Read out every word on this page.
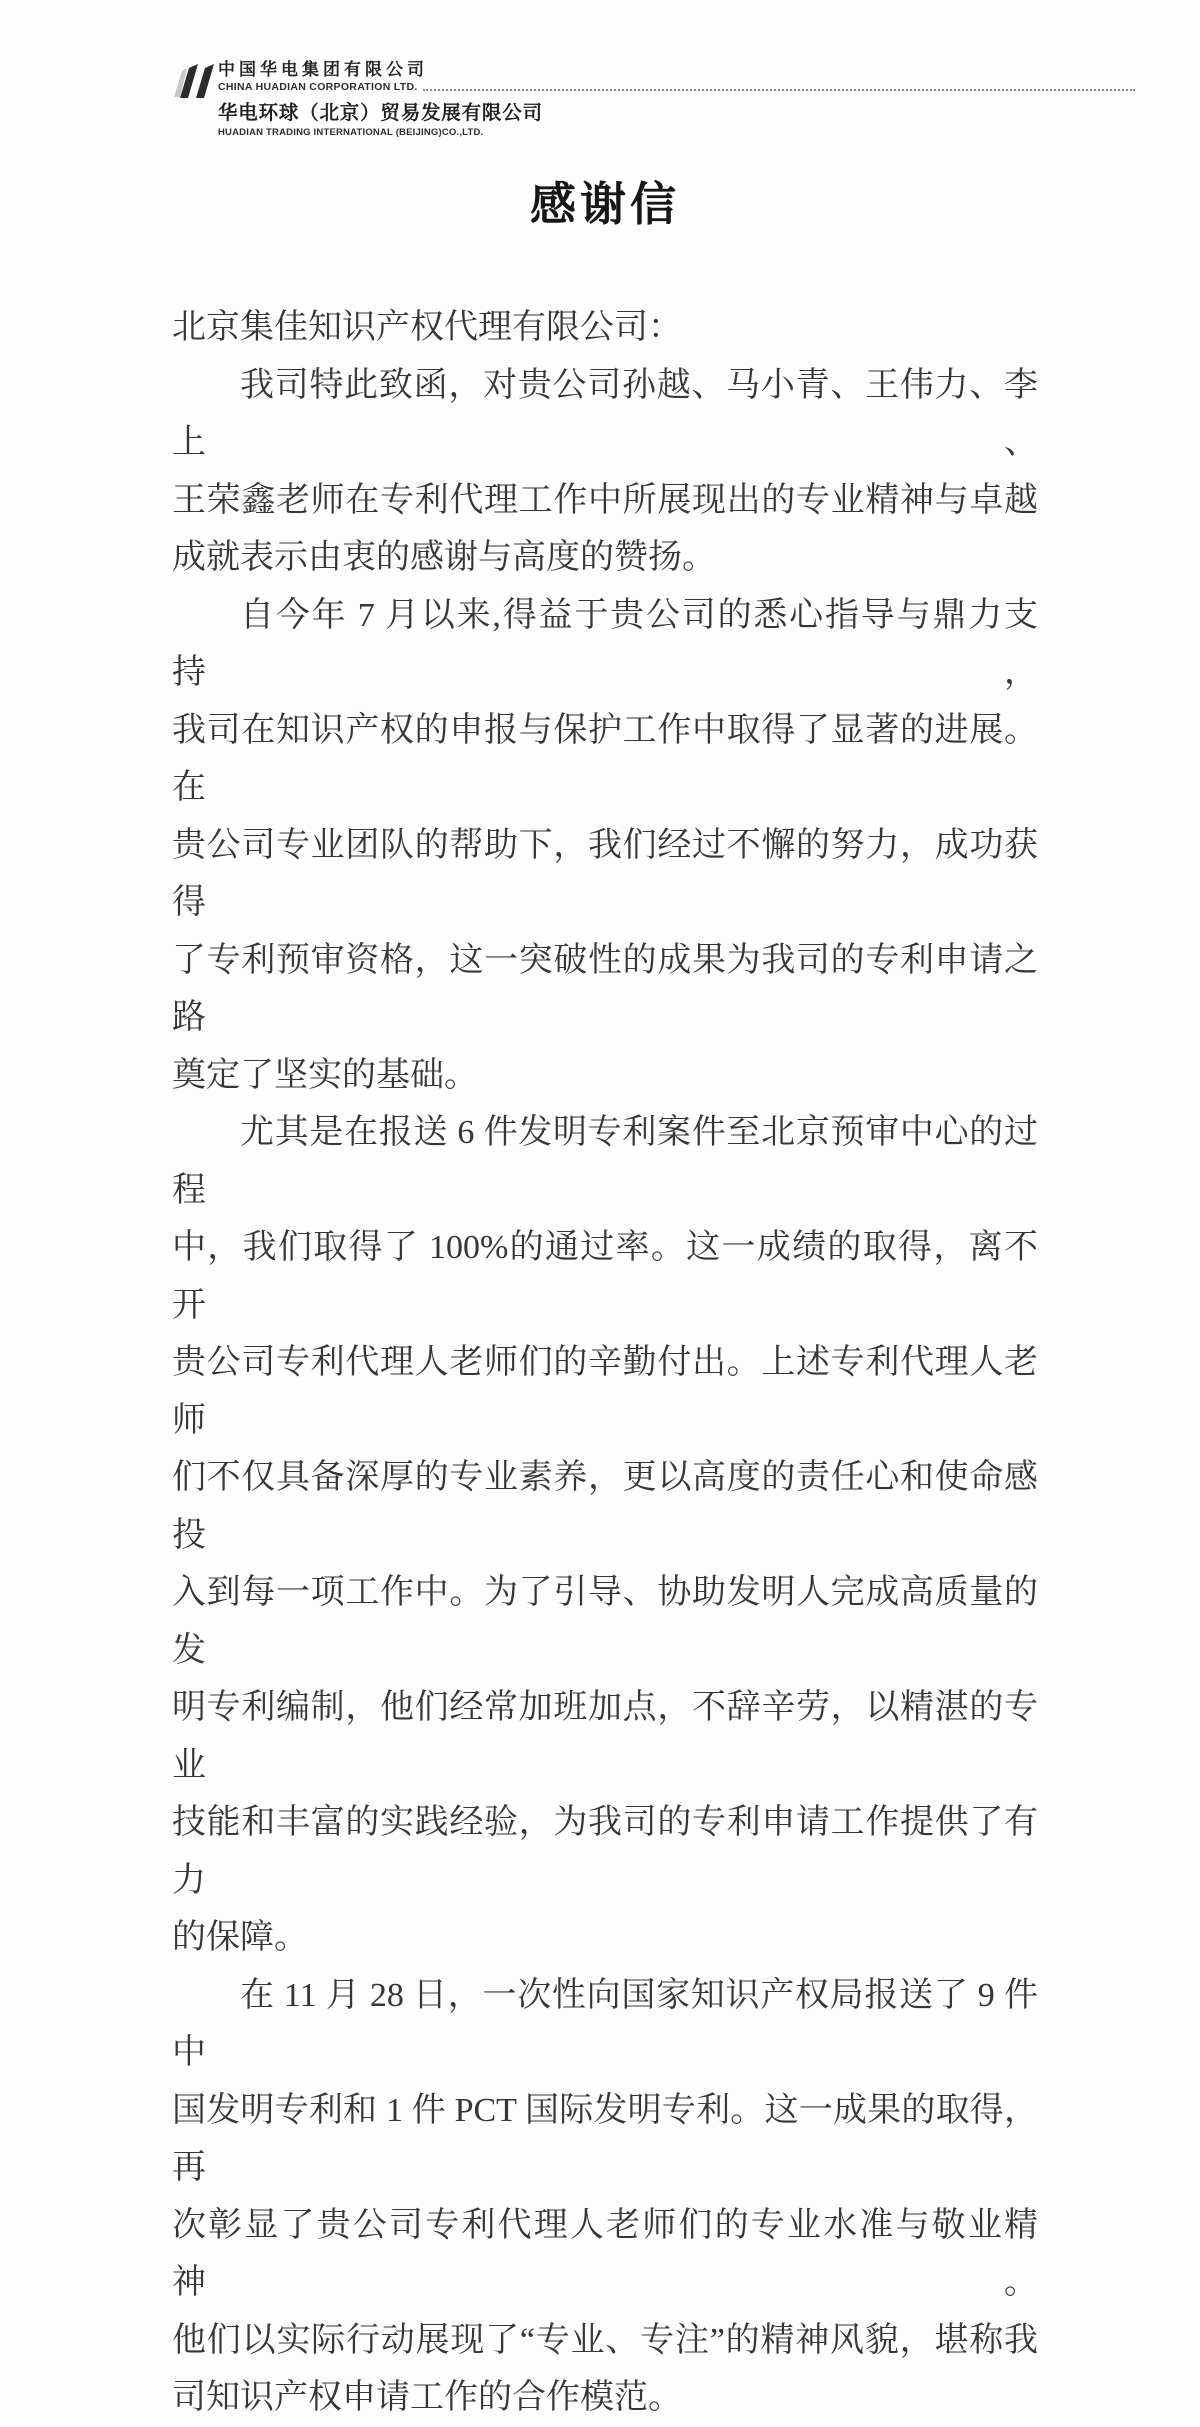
中国华电集团有限公司
CHINA HUADIAN CORPORATION LTD.
华电环球（北京）贸易发展有限公司
HUADIAN TRADING INTERNATIONAL (BEIJING)CO.,LTD.
感谢信
北京集佳知识产权代理有限公司：
我司特此致函，对贵公司孙越、马小青、王伟力、李上、
王荣鑫老师在专利代理工作中所展现出的专业精神与卓越
成就表示由衷的感谢与高度的赞扬。
自今年 7 月以来,得益于贵公司的悉心指导与鼎力支持，
我司在知识产权的申报与保护工作中取得了显著的进展。在
贵公司专业团队的帮助下，我们经过不懈的努力，成功获得
了专利预审资格，这一突破性的成果为我司的专利申请之路
奠定了坚实的基础。
尤其是在报送 6 件发明专利案件至北京预审中心的过程
中，我们取得了 100%的通过率。这一成绩的取得，离不开
贵公司专利代理人老师们的辛勤付出。上述专利代理人老师
们不仅具备深厚的专业素养，更以高度的责任心和使命感投
入到每一项工作中。为了引导、协助发明人完成高质量的发
明专利编制，他们经常加班加点，不辞辛劳，以精湛的专业
技能和丰富的实践经验，为我司的专利申请工作提供了有力
的保障。
在 11 月 28 日，一次性向国家知识产权局报送了 9 件中
国发明专利和 1 件 PCT 国际发明专利。这一成果的取得，再
次彰显了贵公司专利代理人老师们的专业水准与敬业精神。
他们以实际行动展现了“专业、专注”的精神风貌，堪称我
司知识产权申请工作的合作模范。
